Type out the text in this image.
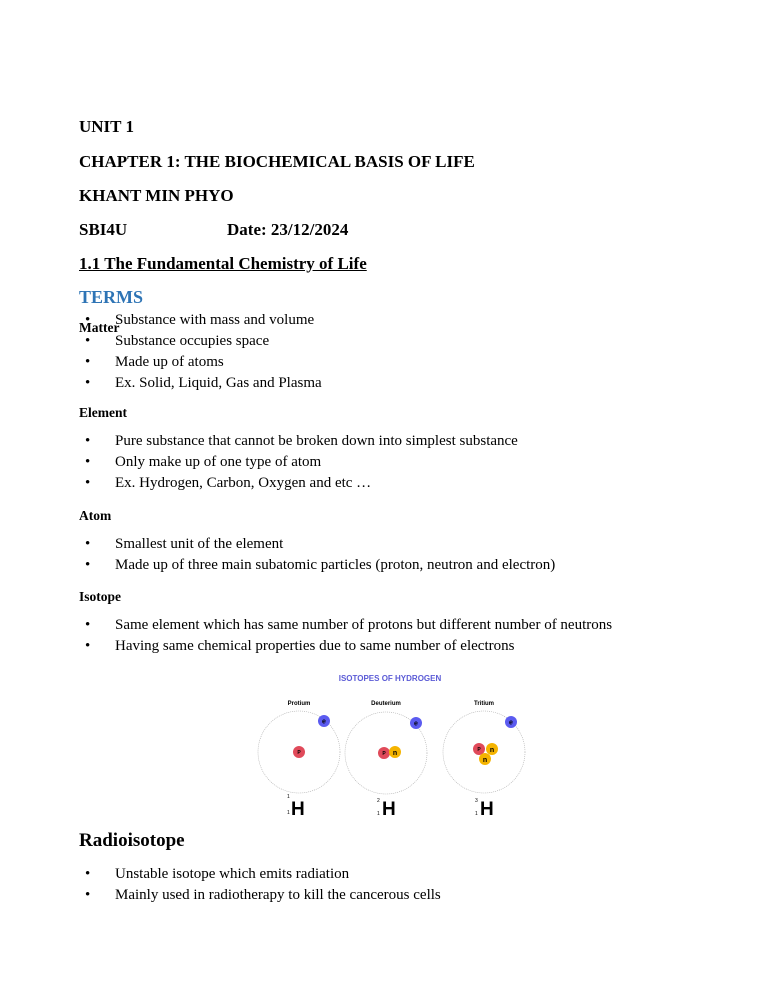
UNIT 1
CHAPTER 1: THE BIOCHEMICAL BASIS OF LIFE
KHANT MIN PHYO
SBI4U	Date: 23/12/2024
1.1 The Fundamental Chemistry of Life
TERMS
Matter
• Substance with mass and volume
• Substance occupies space
• Made up of atoms
• Ex. Solid, Liquid, Gas and Plasma
Element
• Pure substance that cannot be broken down into simplest substance
• Only make up of one type of atom
• Ex. Hydrogen, Carbon, Oxygen and etc …
Atom
• Smallest unit of the element
• Made up of three main subatomic particles (proton, neutron and electron)
Isotope
• Same element which has same number of protons but different number of neutrons
• Having same chemical properties due to same number of electrons
ISOTOPES OF HYDROGEN
Protium
e
P
1
1 H
Deuterium
e
P n
2
1 H
Tritium
e
P n
n
3
1 H
Radioisotope
• Unstable isotope which emits radiation
• Mainly used in radiotherapy to kill the cancerous cells
